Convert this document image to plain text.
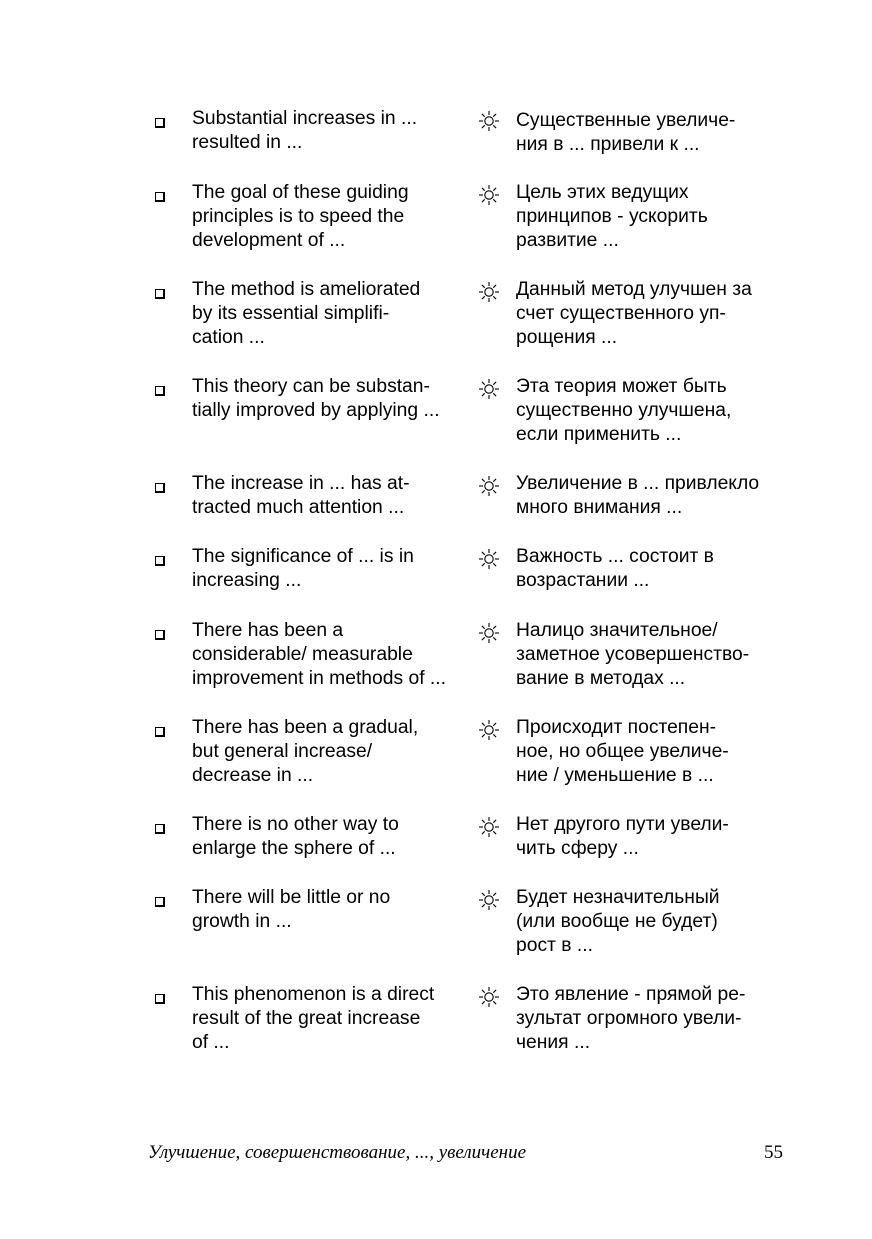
Substantial increases in ...
resulted in ...
Существенные увеличе-
ния в ... привели к ...
The goal of these guiding
principles is to speed the
development of ...
Цель этих ведущих
принципов - ускорить
развитие ...
The method is ameliorated
by its essential simplifi-
cation ...
Данный метод улучшен за
счет существенного уп-
рощения ...
This theory can be substan-
tially improved by applying ...
Эта теория может быть
существенно улучшена,
если применить ...
The increase in ... has at-
tracted much attention ...
Увеличение в ... привлекло
много внимания ...
The significance of ... is in
increasing ...
Важность ... состоит в
возрастании ...
There has been a
considerable/ measurable
improvement in methods of ...
Налицо значительное/
заметное усовершенство-
вание в методах ...
There has been a gradual,
but general increase/
decrease in ...
Происходит постепен-
ное, но общее увеличе-
ние / уменьшение в ...
There is no other way to
enlarge the sphere of ...
Нет другого пути увели-
чить сферу ...
There will be little or no
growth in ...
Будет незначительный
(или вообще не будет)
рост в ...
This phenomenon is a direct
result of the great increase
of ...
Это явление - прямой ре-
зультат огромного увели-
чения ...
Улучшение, совершенствование, ..., увеличение	55
